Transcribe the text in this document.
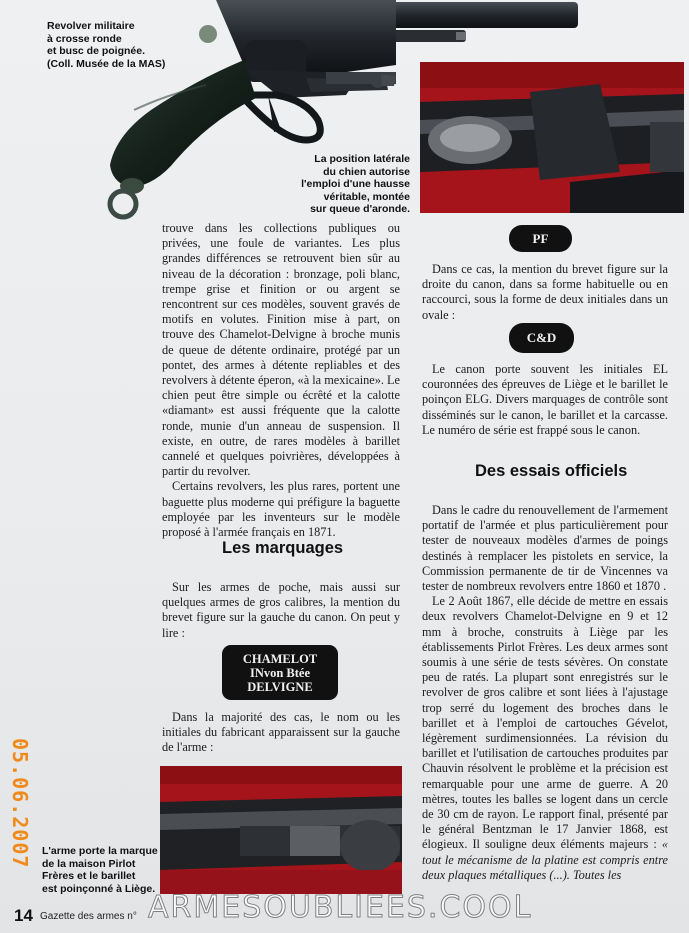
Revolver militaire
à crosse ronde
et busc de poignée.
(Coll. Musée de la MAS)
La position latérale
du chien autorise
l'emploi d'une hausse
véritable, montée
sur queue d'aronde.

trouve dans les collections publiques ou privées, une foule de variantes. Les plus grandes différences se retrouvent bien sûr au niveau de la décoration : bronzage, poli blanc, trempe grise et finition or ou argent se rencontrent sur ces modèles, souvent gravés de motifs en volutes. Finition mise à part, on trouve des Chamelot-Delvigne à broche munis de queue de détente ordinaire, protégé par un pontet, des armes à détente repliables et des revolvers à détente éperon, «à la mexicaine». Le chien peut être simple ou écrêté et la calotte «diamant» est aussi fréquente que la calotte ronde, munie d'un anneau de suspension. Il existe, en outre, de rares modèles à barillet cannelé et quelques poivrières, développées à partir du revolver.

Certains revolvers, les plus rares, portent une baguette plus moderne qui préfigure la baguette employée par les inventeurs sur le modèle proposé à l'armée français en 1871.

Les marquages

Sur les armes de poche, mais aussi sur quelques armes de gros calibres, la mention du brevet figure sur la gauche du canon. On peut y lire :

CHAMELOT
INvon Btée
DELVIGNE

Dans la majorité des cas, le nom ou les initiales du fabricant apparaissent sur la gauche de l'arme :

L'arme porte la marque
de la maison Pirlot
Frères et le barillet
est poinçonné à Liège.
PF

Dans ce cas, la mention du brevet figure sur la droite du canon, dans sa forme habituelle ou en raccourci, sous la forme de deux initiales dans un ovale :

C&D

Le canon porte souvent les initiales EL couronnées des épreuves de Liège et le barillet le poinçon ELG. Divers marquages de contrôle sont disséminés sur le canon, le barillet et la carcasse. Le numéro de série est frappé sous le canon.

Des essais officiels

Dans le cadre du renouvellement de l'armement portatif de l'armée et plus particulièrement pour tester de nouveaux modèles d'armes de poings destinés à remplacer les pistolets en service, la Commission permanente de tir de Vincennes va tester de nombreux revolvers entre 1860 et 1870 .

Le 2 Août 1867, elle décide de mettre en essais deux revolvers Chamelot-Delvigne en 9 et 12 mm à broche, construits à Liège par les établissements Pirlot Frères. Les deux armes sont soumis à une série de tests sévères. On constate peu de ratés. La plupart sont enregistrés sur le revolver de gros calibre et sont liées à l'ajustage trop serré du logement des broches dans le barillet et à l'emploi de cartouches Gévelot, légèrement surdimensionnées. La révision du barillet et l'utilisation de cartouches produites par Chauvin résolvent le problème et la précision est remarquable pour une arme de guerre. A 20 mètres, toutes les balles se logent dans un cercle de 30 cm de rayon. Le rapport final, présenté par le général Bentzman le 17 Janvier 1868, est élogieux. Il souligne deux éléments majeurs : « tout le mécanisme de la platine est compris entre deux plaques métalliques (...). Toutes les

05.06.2007
14 Gazette des armes n° ARMESOUBLIEES.COOL
